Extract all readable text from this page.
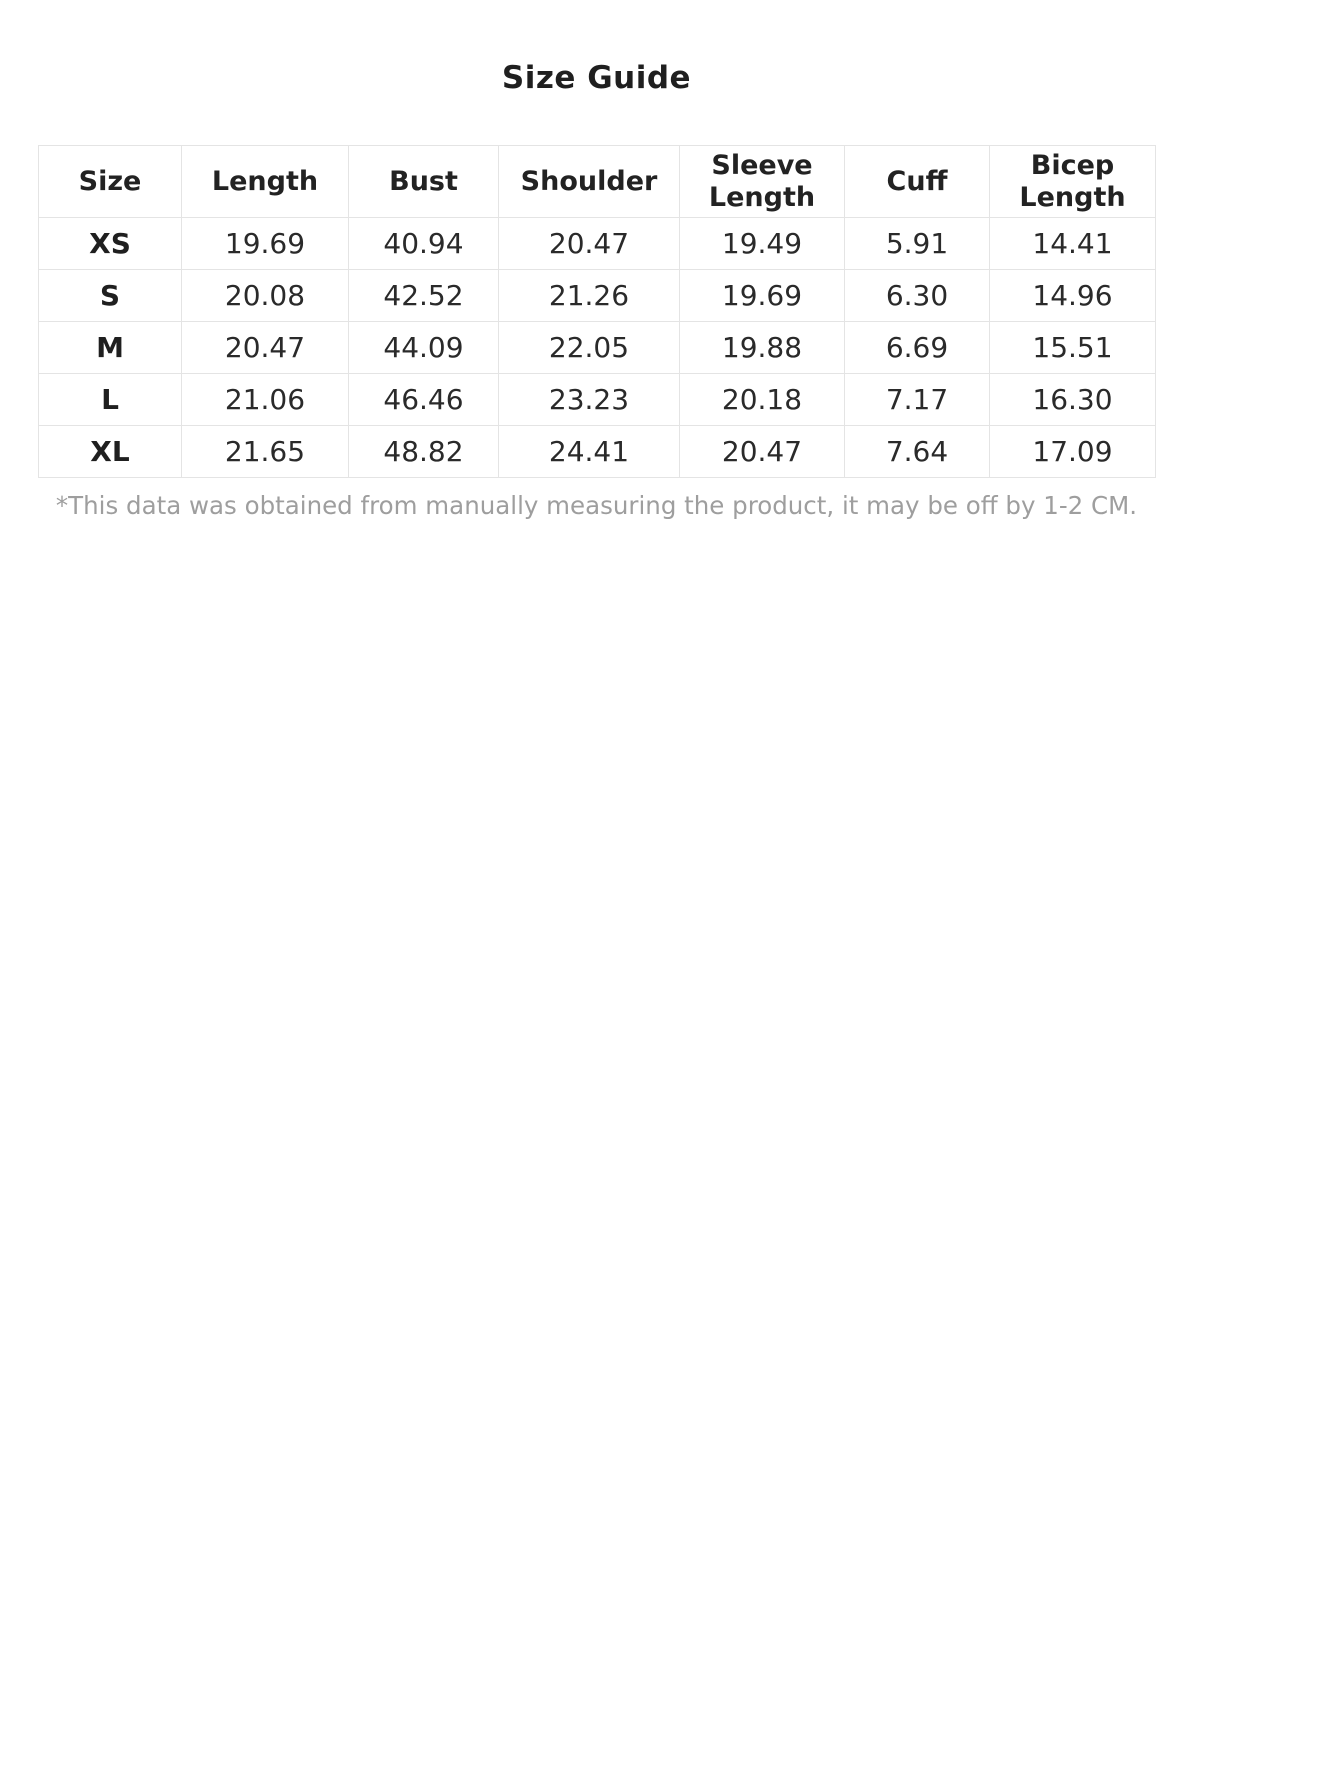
Size Guide
Size	Length	Bust	Shoulder	Sleeve Length	Cuff	Bicep Length
XS	19.69	40.94	20.47	19.49	5.91	14.41
S	20.08	42.52	21.26	19.69	6.30	14.96
M	20.47	44.09	22.05	19.88	6.69	15.51
L	21.06	46.46	23.23	20.18	7.17	16.30
XL	21.65	48.82	24.41	20.47	7.64	17.09

*This data was obtained from manually measuring the product, it may be off by 1-2 CM.
